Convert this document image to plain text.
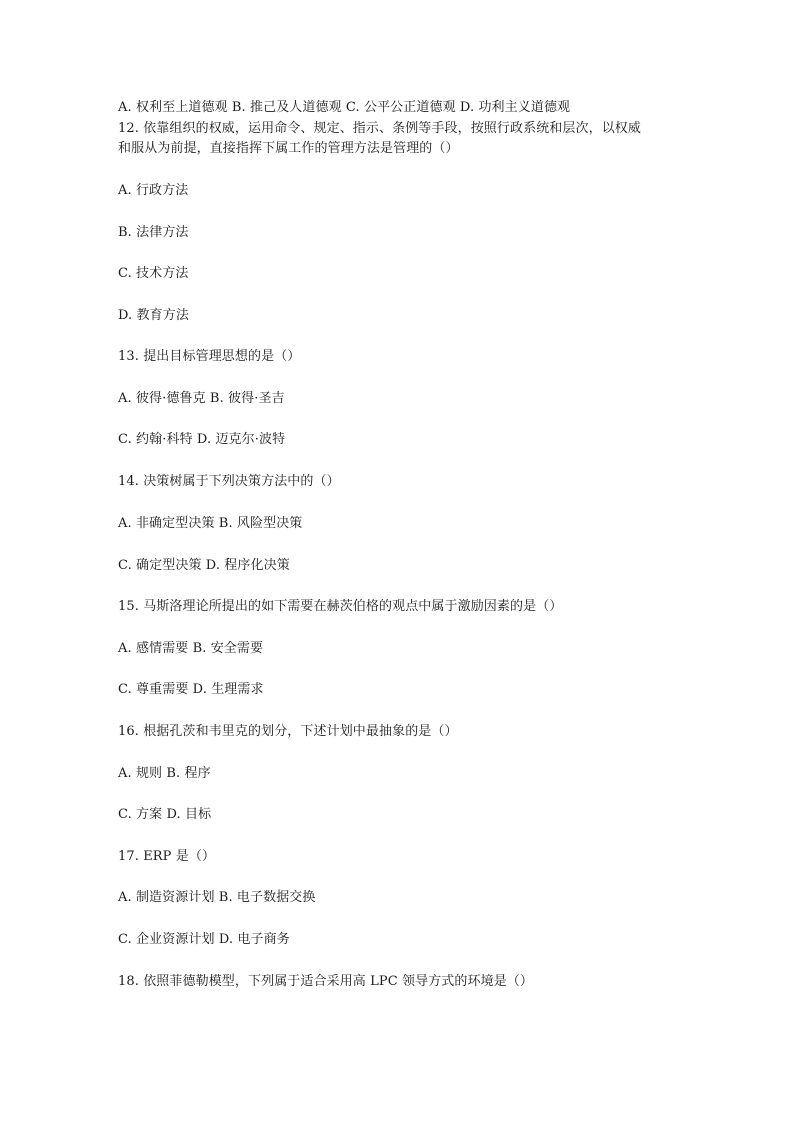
A. 权利至上道德观 B. 推己及人道德观 C. 公平公正道德观 D. 功利主义道德观
12. 依靠组织的权威，运用命令、规定、指示、条例等手段，按照行政系统和层次，以权威
和服从为前提，直接指挥下属工作的管理方法是管理的（）
A. 行政方法
B. 法律方法
C. 技术方法
D. 教育方法
13. 提出目标管理思想的是（）
A. 彼得·德鲁克 B. 彼得·圣吉
C. 约翰·科特 D. 迈克尔·波特
14. 决策树属于下列决策方法中的（）
A. 非确定型决策 B. 风险型决策
C. 确定型决策 D. 程序化决策
15. 马斯洛理论所提出的如下需要在赫茨伯格的观点中属于激励因素的是（）
A. 感情需要 B. 安全需要
C. 尊重需要 D. 生理需求
16. 根据孔茨和韦里克的划分，下述计划中最抽象的是（）
A. 规则 B. 程序
C. 方案 D. 目标
17. ERP 是（）
A. 制造资源计划 B. 电子数据交换
C. 企业资源计划 D. 电子商务
18. 依照菲德勒模型，下列属于适合采用高 LPC 领导方式的环境是（）
